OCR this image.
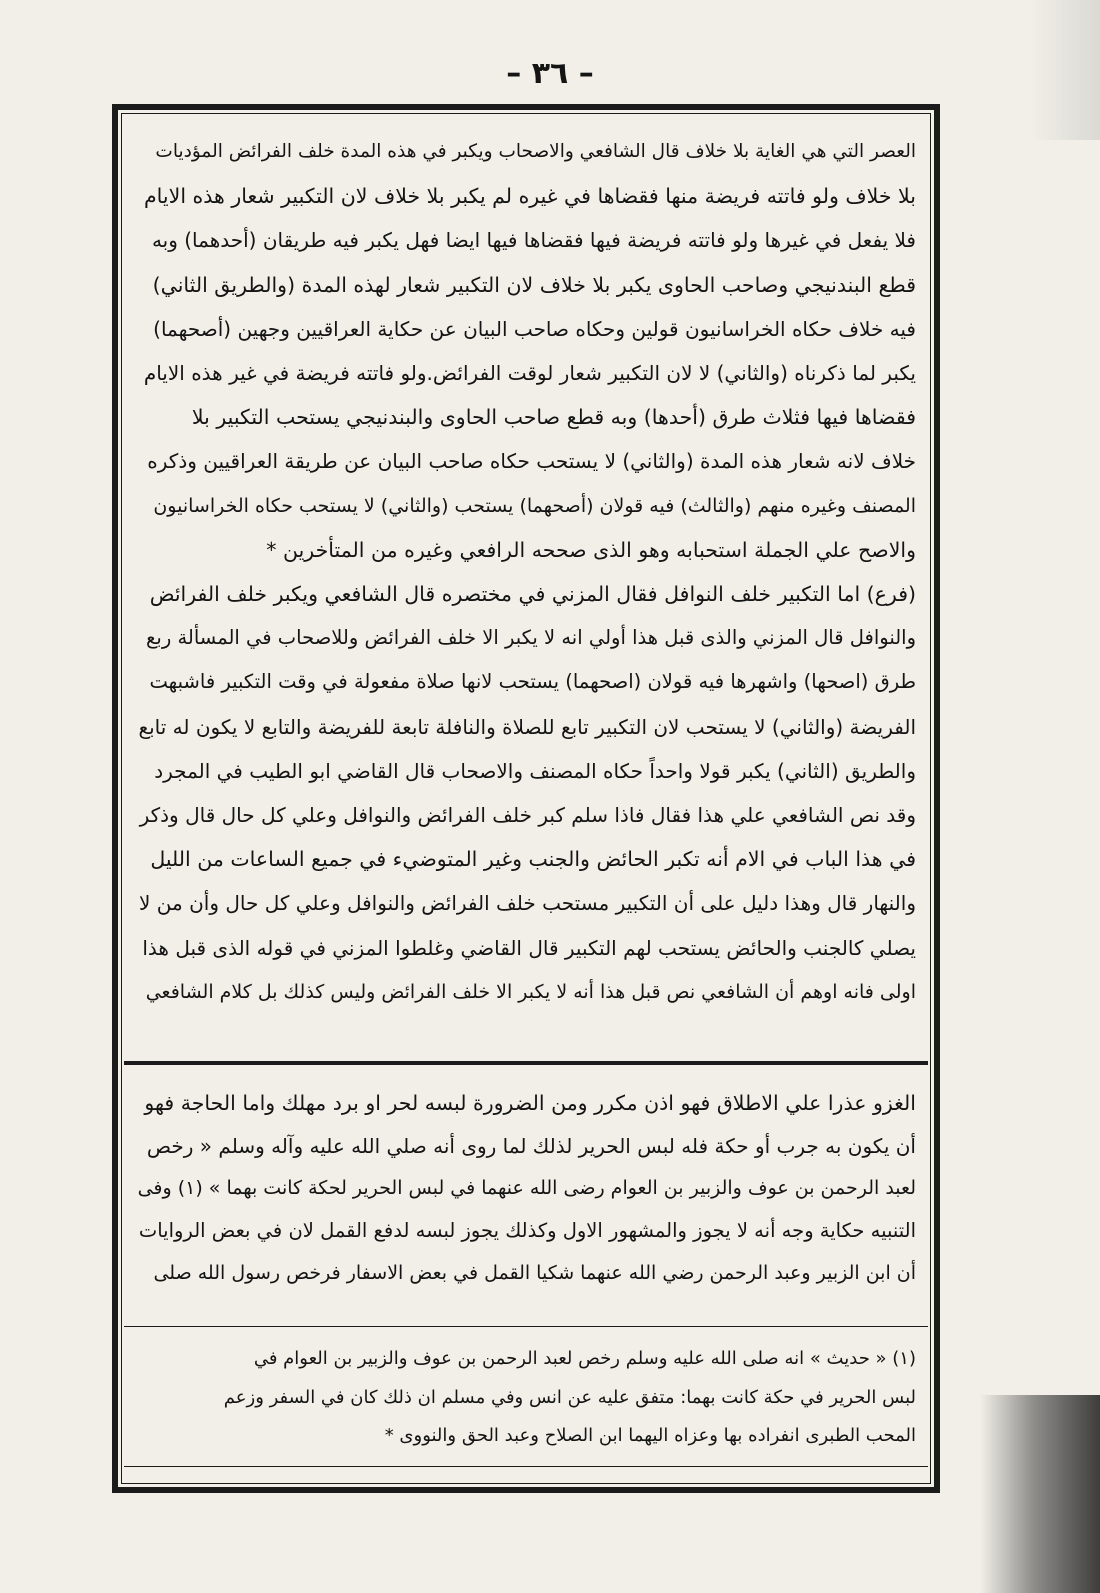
– ٣٦ –
العصر التي هي الغاية بلا خلاف قال الشافعي والاصحاب ويكبر في هذه المدة خلف الفرائض المؤديات
بلا خلاف ولو فاتته فريضة منها فقضاها في غيره لم يكبر بلا خلاف لان التكبير شعار هذه الايام
فلا يفعل في غيرها ولو فاتته فريضة فيها فقضاها فيها ايضا فهل يكبر فيه طريقان (أحدهما) وبه
قطع البندنيجي وصاحب الحاوى يكبر بلا خلاف لان التكبير شعار لهذه المدة (والطريق الثاني)
فيه خلاف حكاه الخراسانيون قولين وحكاه صاحب البيان عن حكاية العراقيين وجهين (أصحهما)
يكبر لما ذكرناه (والثاني) لا لان التكبير شعار لوقت الفرائض.ولو فاتته فريضة في غير هذه الايام
فقضاها فيها فثلاث طرق (أحدها) وبه قطع صاحب الحاوى والبندنيجي يستحب التكبير بلا
خلاف لانه شعار هذه المدة (والثاني) لا يستحب حكاه صاحب البيان عن طريقة العراقيين وذكره
المصنف وغيره منهم (والثالث) فيه قولان (أصحهما) يستحب (والثاني) لا يستحب حكاه الخراسانيون
والاصح علي الجملة استحبابه وهو الذى صححه الرافعي وغيره من المتأخرين *
(فرع) اما التكبير خلف النوافل فقال المزني في مختصره قال الشافعي ويكبر خلف الفرائض
والنوافل قال المزني والذى قبل هذا أولي انه لا يكبر الا خلف الفرائض وللاصحاب في المسألة ربع
طرق (اصحها) واشهرها فيه قولان (اصحهما) يستحب لانها صلاة مفعولة في وقت التكبير فاشبهت
الفريضة (والثاني) لا يستحب لان التكبير تابع للصلاة والنافلة تابعة للفريضة والتابع لا يكون له تابع
والطريق (الثاني) يكبر قولا واحداً حكاه المصنف والاصحاب قال القاضي ابو الطيب في المجرد
وقد نص الشافعي علي هذا فقال فاذا سلم كبر خلف الفرائض والنوافل وعلي كل حال قال وذكر
في هذا الباب في الام أنه تكبر الحائض والجنب وغير المتوضيء في جميع الساعات من الليل
والنهار قال وهذا دليل على أن التكبير مستحب خلف الفرائض والنوافل وعلي كل حال وأن من لا
يصلي كالجنب والحائض يستحب لهم التكبير قال القاضي وغلطوا المزني في قوله الذى قبل هذا
اولى فانه اوهم أن الشافعي نص قبل هذا أنه لا يكبر الا خلف الفرائض وليس كذلك بل كلام الشافعي
الغزو عذرا علي الاطلاق فهو اذن مكرر ومن الضرورة لبسه لحر او برد مهلك واما الحاجة فهو
أن يكون به جرب أو حكة فله لبس الحرير لذلك لما روى أنه صلي الله عليه وآله وسلم « رخص
لعبد الرحمن بن عوف والزبير بن العوام رضى الله عنهما في لبس الحرير لحكة كانت بهما » (١) وفى
التنبيه حكاية وجه أنه لا يجوز والمشهور الاول وكذلك يجوز لبسه لدفع القمل لان في بعض الروايات
أن ابن الزبير وعبد الرحمن رضي الله عنهما شكيا القمل في بعض الاسفار فرخص رسول الله صلى
(١) « حديث » انه صلى الله عليه وسلم رخص لعبد الرحمن بن عوف والزبير بن العوام في
لبس الحرير في حكة كانت بهما: متفق عليه عن انس وفي مسلم ان ذلك كان في السفر وزعم
المحب الطبرى انفراده بها وعزاه اليهما ابن الصلاح وعبد الحق والنووى *
